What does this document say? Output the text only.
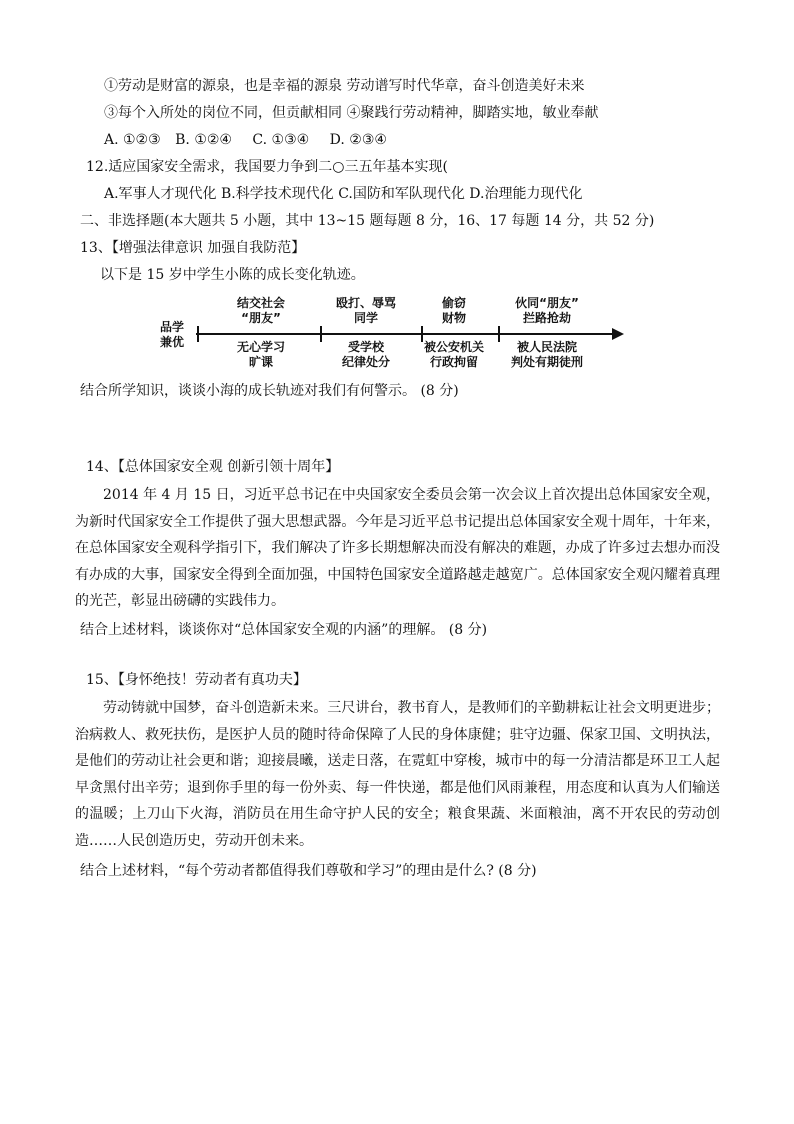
①劳动是财富的源泉，也是幸福的源泉 劳动谱写时代华章，奋斗创造美好未来
③每个入所处的岗位不同，但贡献相同 ④聚践行劳动精神，脚踏实地，敏业奉献
A. ①②③ B. ①②④ C. ①③④ D. ②③④
12.适应国家安全需求，我国要力争到二○三五年基本实现(
A.军事人才现代化 B.科学技术现代化 C.国防和军队现代化 D.治理能力现代化
二、非选择题(本大题共 5 小题，其中 13~15 题每题 8 分，16、17 每题 14 分，共 52 分)
13、【增强法律意识 加强自我防范】
以下是 15 岁中学生小陈的成长变化轨迹。
品学
兼优
结交社会
“朋友”
无心学习
旷课
殴打、辱骂
同学
受学校
纪律处分
偷窃
财物
被公安机关
行政拘留
伙同“朋友”
拦路抢劫
被人民法院
判处有期徒刑
结合所学知识，谈谈小海的成长轨迹对我们有何警示。 (8 分)
14、【总体国家安全观 创新引领十周年】

2014 年 4 月 15 日，习近平总书记在中央国家安全委员会第一次会议上首次提出总体国家安全观，为新时代国家安全工作提供了强大思想武器。今年是习近平总书记提出总体国家安全观十周年，十年来，在总体国家安全观科学指引下，我们解决了许多长期想解决而没有解决的难题，办成了许多过去想办而没有办成的大事，国家安全得到全面加强，中国特色国家安全道路越走越宽广。总体国家安全观闪耀着真理的光芒，彰显出磅礴的实践伟力。

结合上述材料，谈谈你对“总体国家安全观的内涵”的理解。 (8 分)
15、【身怀绝技！劳动者有真功夫】

劳动铸就中国梦，奋斗创造新未来。三尺讲台，教书育人，是教师们的辛勤耕耘让社会文明更进步；治病救人、救死扶伤，是医护人员的随时待命保障了人民的身体康健；驻守边疆、保家卫国、文明执法，是他们的劳动让社会更和谐；迎接晨曦，送走日落，在霓虹中穿梭，城市中的每一分清洁都是环卫工人起早贪黑付出辛劳；退到你手里的每一份外卖、每一件快递，都是他们风雨兼程，用态度和认真为人们输送的温暖；上刀山下火海，消防员在用生命守护人民的安全；粮食果蔬、米面粮油，离不开农民的劳动创造……人民创造历史，劳动开创未来。

结合上述材料，“每个劳动者都值得我们尊敬和学习”的理由是什么? (8 分)
